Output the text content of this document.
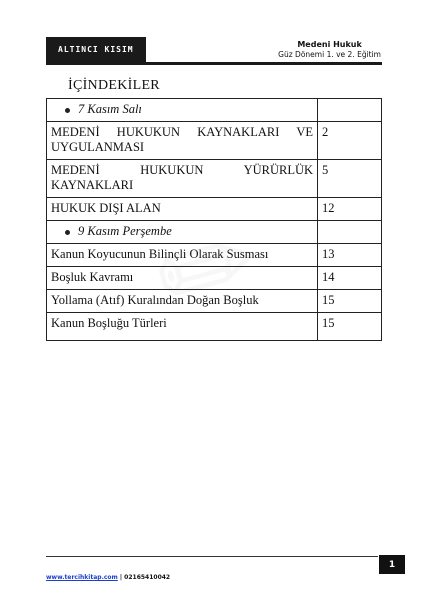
ALTINCI KISIM
Medeni Hukuk
Güz Dönemi 1. ve 2. Eğitim
İÇİNDEKİLER
7 Kasım Salı	
MEDENİ HUKUKUN KAYNAKLARI VE UYGULANMASI	2
MEDENİ HUKUKUN YÜRÜRLÜK KAYNAKLARI	5
HUKUK DIŞI ALAN	12
9 Kasım Perşembe	
Kanun Koyucunun Bilinçli Olarak Susması	13
Boşluk Kavramı	14
Yollama (Atıf) Kuralından Doğan Boşluk	15
Kanun Boşluğu Türleri	15
1
www.tercihkitap.com | 02165410042
